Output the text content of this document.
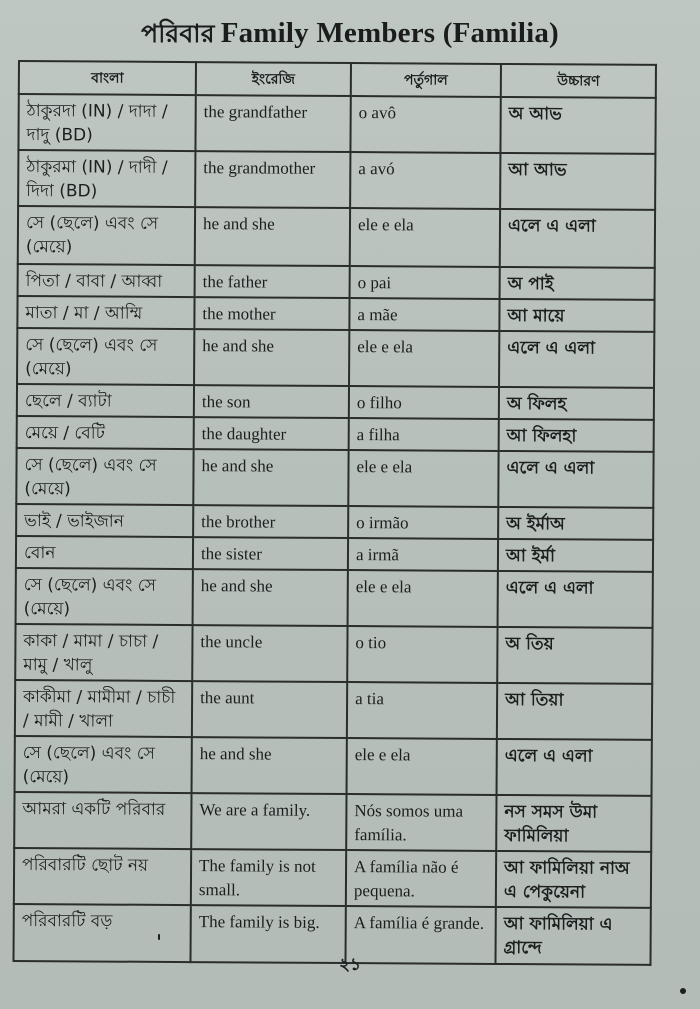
পরিবার Family Members (Familia)
বাংলা	ইংরেজি	পর্তুগাল	উচ্চারণ
ঠাকুরদা (IN) / দাদা / দাদু (BD)	the grandfather	o avô	অ আভ
ঠাকুরমা (IN) / দাদী / দিদা (BD)	the grandmother	a avó	আ আভ
সে (ছেলে) এবং সে (মেয়ে)	he and she	ele e ela	এলে এ এলা
পিতা / বাবা / আব্বা	the father	o pai	অ পাই
মাতা / মা / আম্মি	the mother	a mãe	আ মায়ে
সে (ছেলে) এবং সে (মেয়ে)	he and she	ele e ela	এলে এ এলা
ছেলে / ব্যাটা	the son	o filho	অ ফিলহ
মেয়ে / বেটি	the daughter	a filha	আ ফিলহা
সে (ছেলে) এবং সে (মেয়ে)	he and she	ele e ela	এলে এ এলা
ভাই / ভাইজান	the brother	o irmão	অ ইর্মাঅ
বোন	the sister	a irmã	আ ইর্মা
সে (ছেলে) এবং সে (মেয়ে)	he and she	ele e ela	এলে এ এলা
কাকা / মামা / চাচা / মামু / খালু	the uncle	o tio	অ তিয়
কাকীমা / মামীমা / চাচী / মামী / খালা	the aunt	a tia	আ তিয়া
সে (ছেলে) এবং সে (মেয়ে)	he and she	ele e ela	এলে এ এলা
আমরা একটি পরিবার	We are a family.	Nós somos uma família.	নস সমস উমা ফামিলিয়া
পরিবারটি ছোট নয়	The family is not small.	A família não é pequena.	আ ফামিলিয়া নাঅ এ পেকুয়েনা
পরিবারটি বড়	The family is big.	A família é grande.	আ ফামিলিয়া এ গ্রান্দে
২১
